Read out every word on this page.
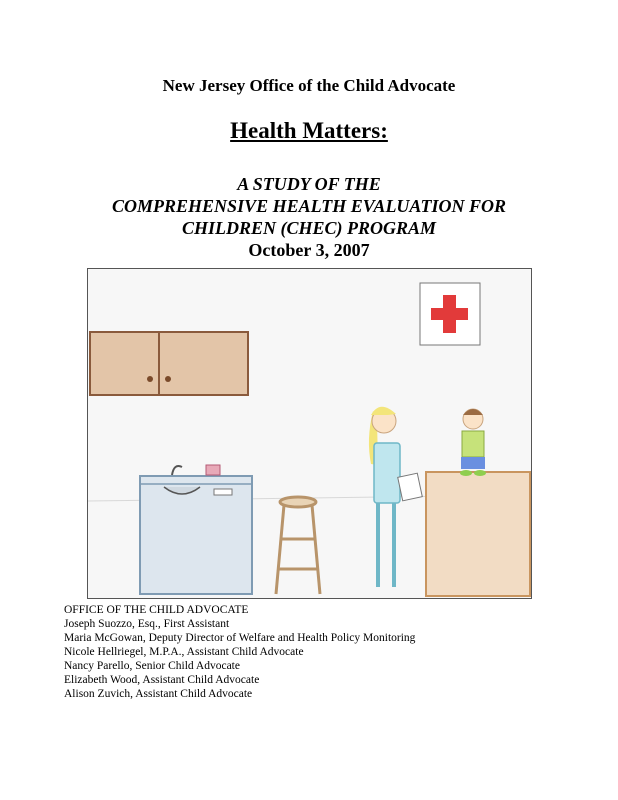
New Jersey Office of the Child Advocate
Health Matters:
A STUDY OF THE
COMPREHENSIVE HEALTH EVALUATION FOR
CHILDREN (CHEC) PROGRAM
October 3, 2007
OFFICE OF THE CHILD ADVOCATE
Joseph Suozzo, Esq., First Assistant
Maria McGowan, Deputy Director of Welfare and Health Policy Monitoring
Nicole Hellriegel, M.P.A., Assistant Child Advocate
Nancy Parello, Senior Child Advocate
Elizabeth Wood, Assistant Child Advocate
Alison Zuvich, Assistant Child Advocate
